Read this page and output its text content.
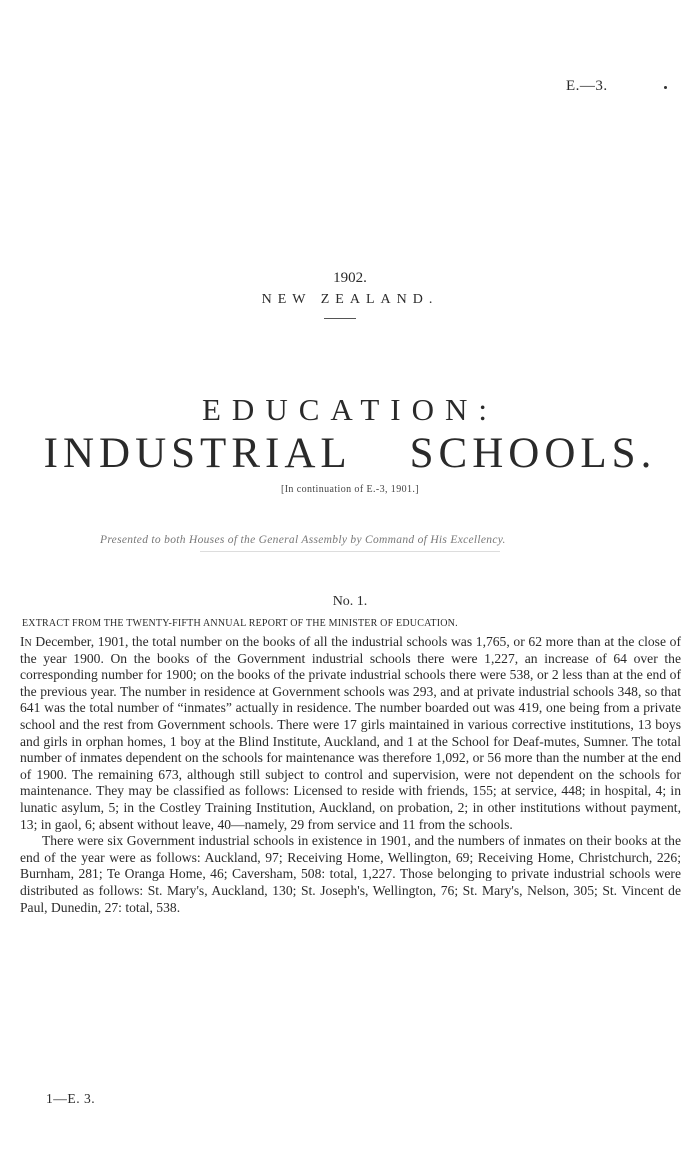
E.—3.
1902.
NEW ZEALAND.
EDUCATION:
INDUSTRIAL SCHOOLS.
[In continuation of E.-3, 1901.]
Presented to both Houses of the General Assembly by Command of His Excellency.
No. 1.
EXTRACT FROM THE TWENTY-FIFTH ANNUAL REPORT OF THE MINISTER OF EDUCATION.

In December, 1901, the total number on the books of all the industrial schools was 1,765, or 62 more than at the close of the year 1900. On the books of the Government industrial schools there were 1,227, an increase of 64 over the corresponding number for 1900; on the books of the private industrial schools there were 538, or 2 less than at the end of the previous year. The number in residence at Government schools was 293, and at private industrial schools 348, so that 641 was the total number of “inmates” actually in residence. The number boarded out was 419, one being from a private school and the rest from Government schools. There were 17 girls maintained in various corrective institutions, 13 boys and girls in orphan homes, 1 boy at the Blind Institute, Auckland, and 1 at the School for Deaf-mutes, Sumner. The total number of inmates dependent on the schools for maintenance was therefore 1,092, or 56 more than the number at the end of 1900. The remaining 673, although still subject to control and supervision, were not dependent on the schools for maintenance. They may be classified as follows: Licensed to reside with friends, 155; at service, 448; in hospital, 4; in lunatic asylum, 5; in the Costley Training Institution, Auckland, on probation, 2; in other institutions without payment, 13; in gaol, 6; absent without leave, 40—namely, 29 from service and 11 from the schools.

There were six Government industrial schools in existence in 1901, and the numbers of inmates on their books at the end of the year were as follows: Auckland, 97; Receiving Home, Wellington, 69; Receiving Home, Christchurch, 226; Burnham, 281; Te Oranga Home, 46; Caversham, 508: total, 1,227. Those belonging to private industrial schools were distributed as follows: St. Mary's, Auckland, 130; St. Joseph's, Wellington, 76; St. Mary's, Nelson, 305; St. Vincent de Paul, Dunedin, 27: total, 538.

1—E. 3.
